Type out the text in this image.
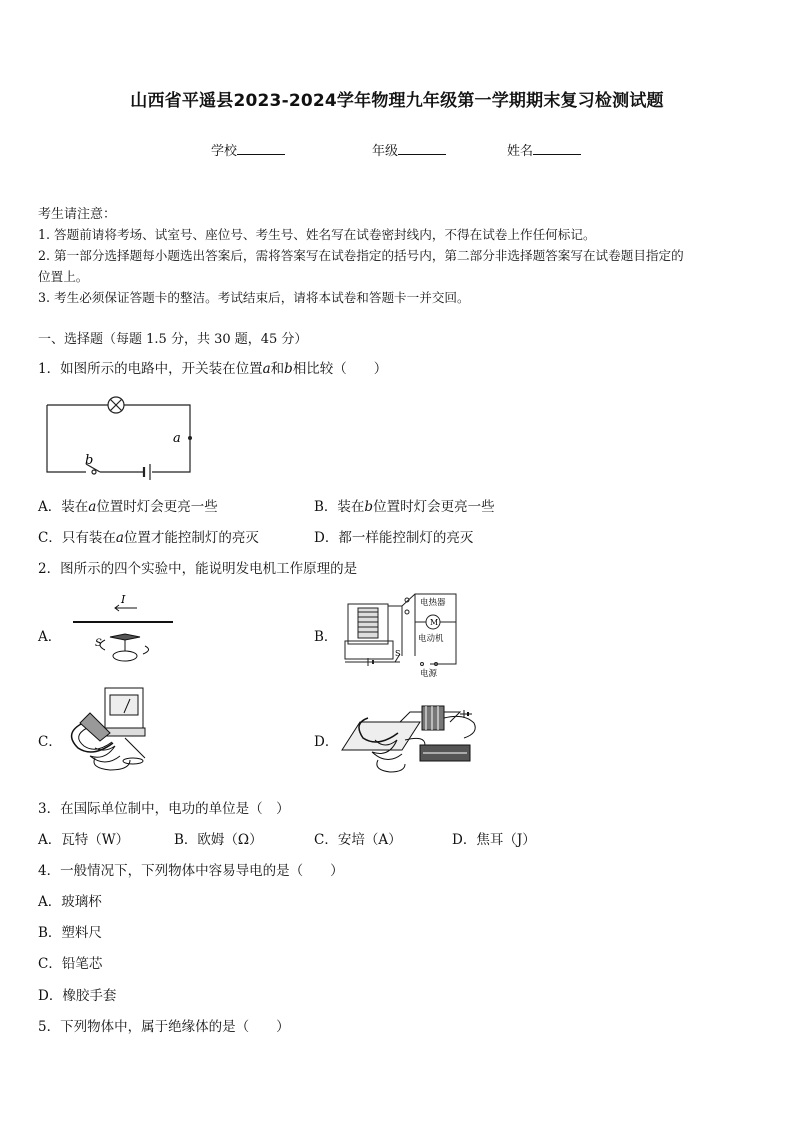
山西省平遥县2023-2024学年物理九年级第一学期期末复习检测试题
学校	年级	姓名
考生请注意：
1. 答题前请将考场、试室号、座位号、考生号、姓名写在试卷密封线内，不得在试卷上作任何标记。
2. 第一部分选择题每小题选出答案后，需将答案写在试卷指定的括号内，第二部分非选择题答案写在试卷题目指定的
位置上。
3. 考生必须保证答题卡的整洁。考试结束后，请将本试卷和答题卡一并交回。
一、选择题（每题 1.5 分，共 30 题，45 分）
1．如图所示的电路中，开关装在位置a和b相比较（　　）
a
b
A．装在a位置时灯会更亮一些	B．装在b位置时灯会更亮一些
C．只有装在a位置才能控制灯的亮灭	D．都一样能控制灯的亮灭
2．图所示的四个实验中，能说明发电机工作原理的是
A．
I
S	B．
电热器
M
电动机
电源
S
C．	D．
3．在国际单位制中，电功的单位是（　）
A．瓦特（W）	B．欧姆（Ω）	C．安培（A）	D．焦耳（J）
4．一般情况下，下列物体中容易导电的是（　　）
A．玻璃杯
B．塑料尺
C．铅笔芯
D．橡胶手套
5．下列物体中，属于绝缘体的是（　　）
